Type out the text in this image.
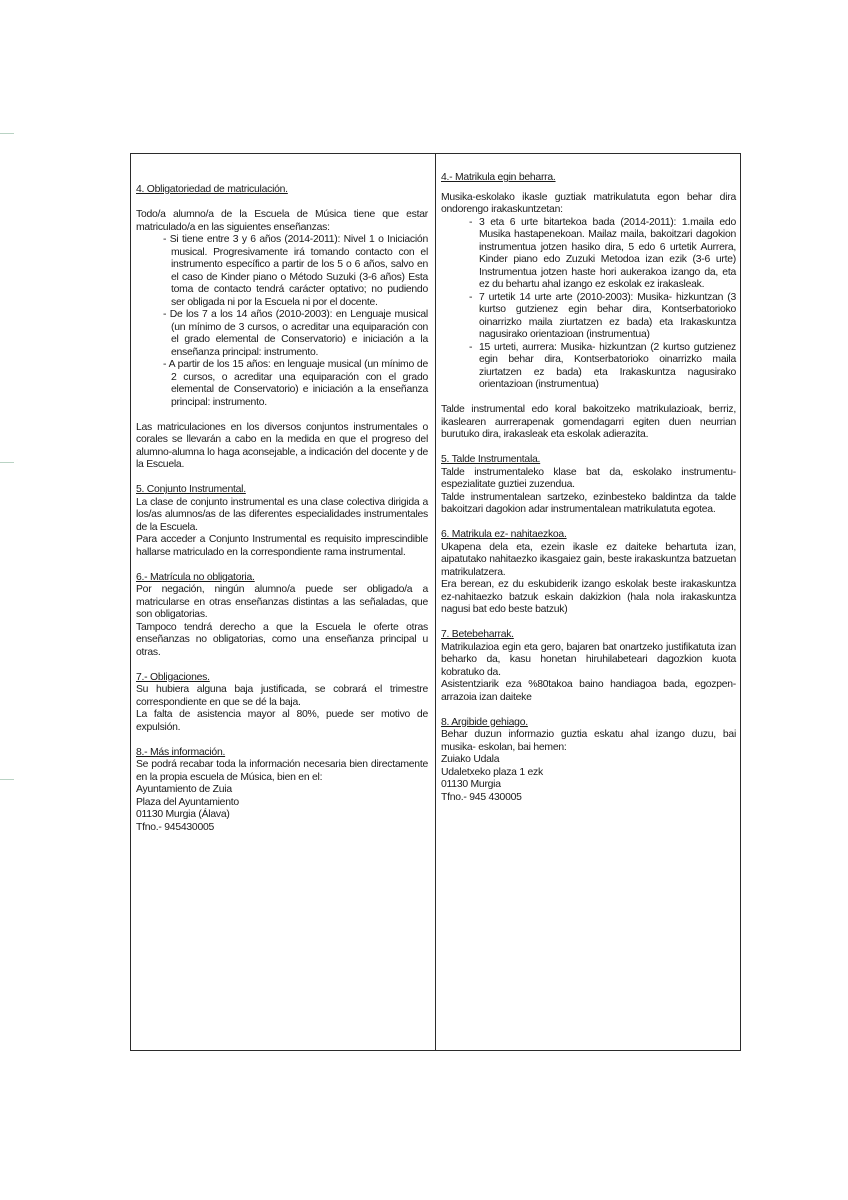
4. Obligatoriedad de matriculación.

Todo/a alumno/a de la Escuela de Música tiene que estar matriculado/a en las siguientes enseñanzas:

- Si tiene entre 3 y 6 años (2014-2011): Nivel 1 o Iniciación musical. Progresivamente irá tomando contacto con el instrumento específico a partir de los 5 o 6 años, salvo en el caso de Kinder piano o Método Suzuki (3-6 años) Esta toma de contacto tendrá carácter optativo; no pudiendo ser obligada ni por la Escuela ni por el docente.

- De los 7 a los 14 años (2010-2003): en Lenguaje musical (un mínimo de 3 cursos, o acreditar una equiparación con el grado elemental de Conservatorio) e iniciación a la enseñanza principal: instrumento.

- A partir de los 15 años: en lenguaje musical (un mínimo de 2 cursos, o acreditar una equiparación con el grado elemental de Conservatorio) e iniciación a la enseñanza principal: instrumento.

Las matriculaciones en los diversos conjuntos instrumentales o corales se llevarán a cabo en la medida en que el progreso del alumno-alumna lo haga aconsejable, a indicación del docente y de la Escuela.

5. Conjunto Instrumental.

La clase de conjunto instrumental es una clase colectiva dirigida a los/as alumnos/as de las diferentes especialidades instrumentales de la Escuela.

Para acceder a Conjunto Instrumental es requisito imprescindible hallarse matriculado en la correspondiente rama instrumental.

6.- Matrícula no obligatoria.

Por negación, ningún alumno/a puede ser obligado/a a matricularse en otras enseñanzas distintas a las señaladas, que son obligatorias.

Tampoco tendrá derecho a que la Escuela le oferte otras enseñanzas no obligatorias, como una enseñanza principal u otras.

7.- Obligaciones.

Su hubiera alguna baja justificada, se cobrará el trimestre correspondiente en que se dé la baja.

La falta de asistencia mayor al 80%, puede ser motivo de expulsión.

8.- Más información.

Se podrá recabar toda la información necesaria bien directamente en la propia escuela de Música, bien en el:

Ayuntamiento de Zuia
Plaza del Ayuntamiento
01130 Murgia (Álava)
Tfno.- 945430005

4.- Matrikula egin beharra.

Musika-eskolako ikasle guztiak matrikulatuta egon behar dira ondorengo irakaskuntzetan:

- 3 eta 6 urte bitartekoa bada (2014-2011): 1.maila edo Musika hastapenekoan. Mailaz maila, bakoitzari dagokion instrumentua jotzen hasiko dira, 5 edo 6 urtetik Aurrera, Kinder piano edo Zuzuki Metodoa izan ezik (3-6 urte) Instrumentua jotzen haste hori aukerakoa izango da, eta ez du behartu ahal izango ez eskolak ez irakasleak.
- 7 urtetik 14 urte arte (2010-2003): Musika- hizkuntzan (3 kurtso gutzienez egin behar dira, Kontserbatorioko oinarrizko maila ziurtatzen ez bada) eta Irakaskuntza nagusirako orientazioan (instrumentua)
- 15 urteti, aurrera: Musika- hizkuntzan (2 kurtso gutzienez egin behar dira, Kontserbatorioko oinarrizko maila ziurtatzen ez bada) eta Irakaskuntza nagusirako orientazioan (instrumentua)

Talde instrumental edo koral bakoitzeko matrikulazioak, berriz, ikaslearen aurrerapenak gomendagarri egiten duen neurrian burutuko dira, irakasleak eta eskolak adierazita.

5. Talde Instrumentala.

Talde instrumentaleko klase bat da, eskolako instrumentu-espezialitate guztiei zuzendua.

Talde instrumentalean sartzeko, ezinbesteko baldintza da talde bakoitzari dagokion adar instrumentalean matrikulatuta egotea.

6. Matrikula ez- nahitaezkoa.

Ukapena dela eta, ezein ikasle ez daiteke behartuta izan, aipatutako nahitaezko ikasgaiez gain, beste irakaskuntza batzuetan matrikulatzera.

Era berean, ez du eskubiderik izango eskolak beste irakaskuntza ez-nahitaezko batzuk eskain dakizkion (hala nola irakaskuntza nagusi bat edo beste batzuk)

7. Betebeharrak.

Matrikulazioa egin eta gero, bajaren bat onartzeko justifikatuta izan beharko da, kasu honetan hiruhilabeteari dagozkion kuota kobratuko da.

Asistentziarik eza %80takoa baino handiagoa bada, egozpen-arrazoia izan daiteke

8. Argibide gehiago.

Behar duzun informazio guztia eskatu ahal izango duzu, bai musika- eskolan, bai hemen:

Zuiako Udala
Udaletxeko plaza 1 ezk
01130 Murgia
Tfno.- 945 430005
